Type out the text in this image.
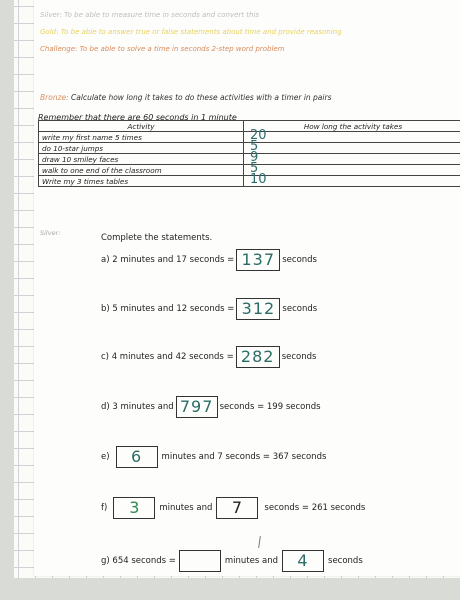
Silver: To be able to measure time in seconds and convert this
Gold: To be able to answer true or false statements about time and provide reasoning
Challenge: To be able to solve a time in seconds 2-step word problem
Bronze: Calculate how long it takes to do these activities with a timer in pairs
Remember that there are 60 seconds in 1 minute
Activity	How long the activity takes
write my first name 5 times	20

do 10-star jumps	5

draw 10 smiley faces	9

walk to one end of the classroom	5

Write my 3 times tables	10
Silver:	Complete the statements.
a) 2 minutes and 17 seconds = 137 seconds
b) 5 minutes and 12 seconds = 312 seconds
c) 4 minutes and 42 seconds = 282 seconds
d) 3 minutes and 797 seconds = 199 seconds
e)	6	minutes and 7 seconds = 367 seconds
f)	3	minutes and	7	seconds = 261 seconds
g) 654 seconds =	minutes and	4	seconds
